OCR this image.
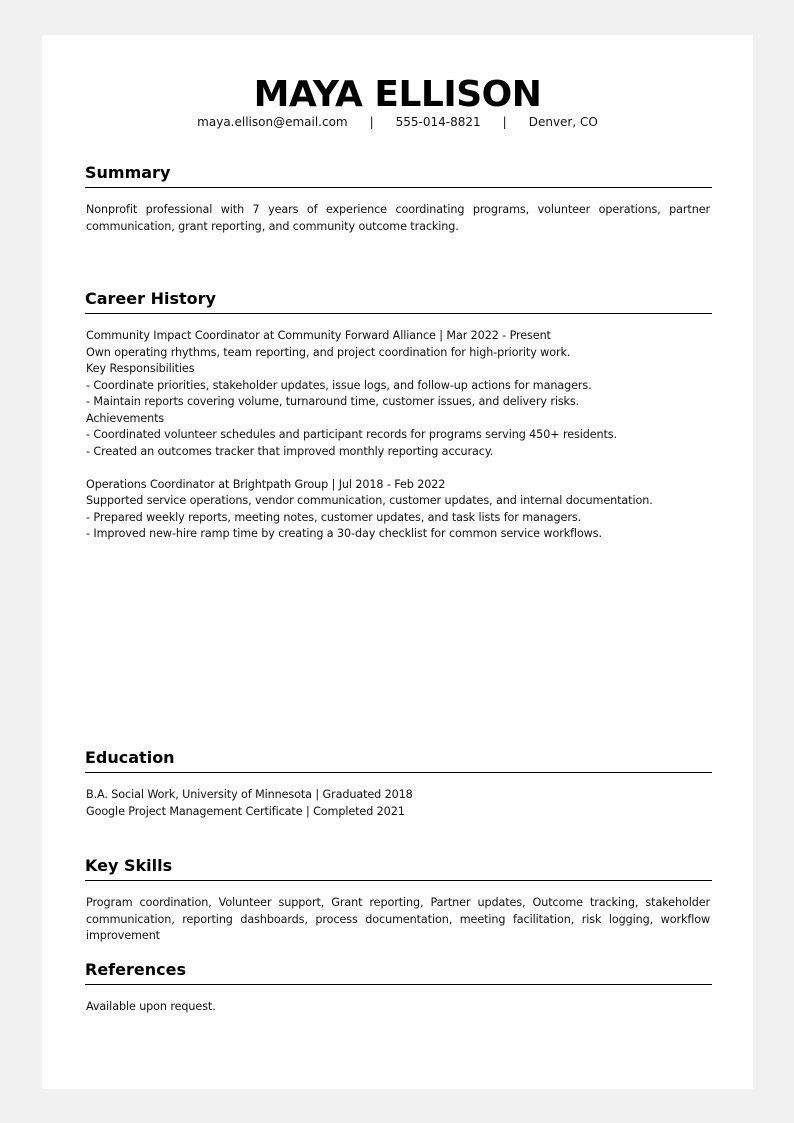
MAYA ELLISON
maya.ellison@email.com | 555-014-8821 | Denver, CO
Summary
Nonprofit professional with 7 years of experience coordinating programs, volunteer operations, partner communication, grant reporting, and community outcome tracking.
Career History
Community Impact Coordinator at Community Forward Alliance | Mar 2022 - Present
Own operating rhythms, team reporting, and project coordination for high-priority work.
Key Responsibilities
- Coordinate priorities, stakeholder updates, issue logs, and follow-up actions for managers.
- Maintain reports covering volume, turnaround time, customer issues, and delivery risks.
Achievements
- Coordinated volunteer schedules and participant records for programs serving 450+ residents.
- Created an outcomes tracker that improved monthly reporting accuracy.
Operations Coordinator at Brightpath Group | Jul 2018 - Feb 2022
Supported service operations, vendor communication, customer updates, and internal documentation.
- Prepared weekly reports, meeting notes, customer updates, and task lists for managers.
- Improved new-hire ramp time by creating a 30-day checklist for common service workflows.
Education
B.A. Social Work, University of Minnesota | Graduated 2018
Google Project Management Certificate | Completed 2021
Key Skills
Program coordination, Volunteer support, Grant reporting, Partner updates, Outcome tracking, stakeholder communication, reporting dashboards, process documentation, meeting facilitation, risk logging, workflow improvement
References
Available upon request.
